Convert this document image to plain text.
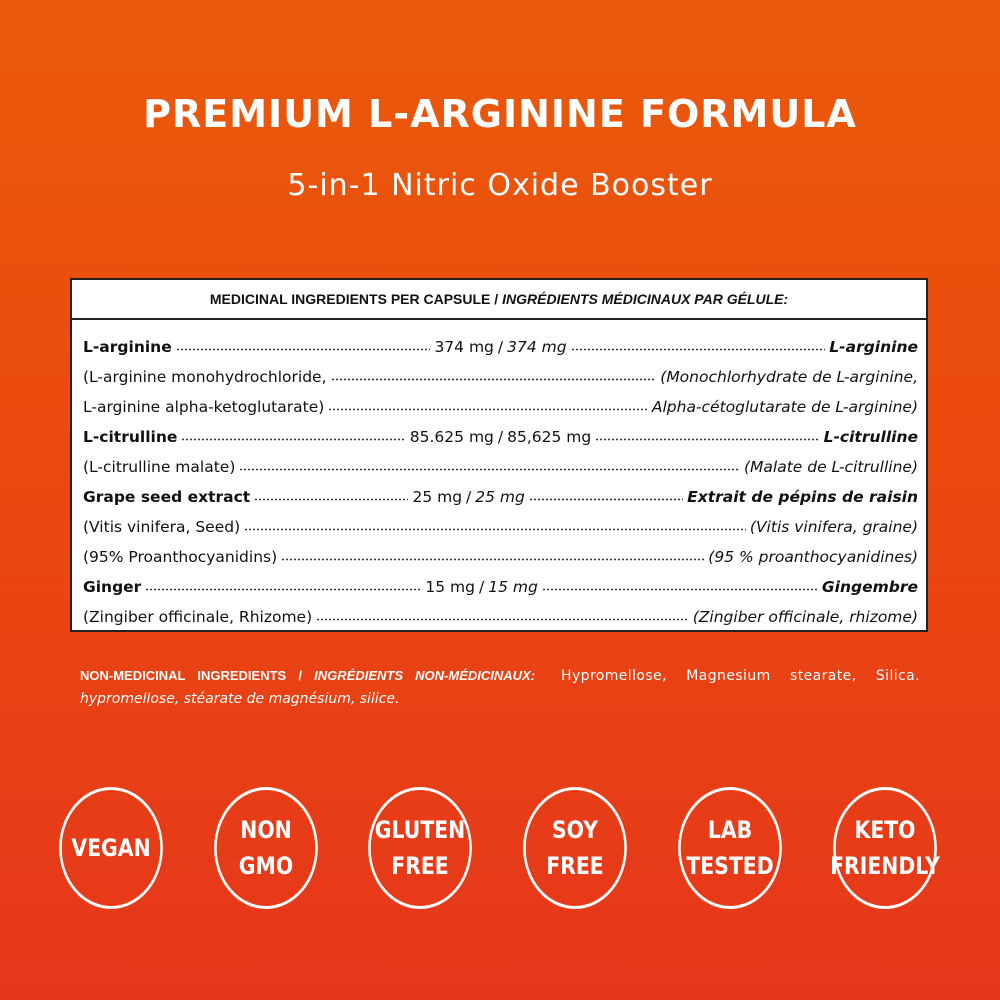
PREMIUM L-ARGININE FORMULA
5-in-1 Nitric Oxide Booster
MEDICINAL INGREDIENTS PER CAPSULE / INGRÉDIENTS MÉDICINAUX PAR GÉLULE:
L-arginine	374 mg / 374 mg	L-arginine
(L-arginine monohydrochloride,	(Monochlorhydrate de L-arginine,
L-arginine alpha-ketoglutarate)	Alpha-cétoglutarate de L-arginine)
L-citrulline	85.625 mg / 85,625 mg	L-citrulline
(L-citrulline malate)	(Malate de L-citrulline)
Grape seed extract	25 mg / 25 mg	Extrait de pépins de raisin
(Vitis vinifera, Seed)	(Vitis vinifera, graine)
(95% Proanthocyanidins)	(95 % proanthocyanidines)
Ginger	15 mg / 15 mg	Gingembre
(Zingiber officinale, Rhizome)	(Zingiber officinale, rhizome)
NON-MEDICINAL INGREDIENTS / INGRÉDIENTS NON-MÉDICINAUX: Hypromellose, Magnesium stearate, Silica. hypromellose, stéarate de magnésium, silice.
VEGAN
NON
GMO
GLUTEN
FREE
SOY
FREE
LAB
TESTED
KETO
FRIENDLY
